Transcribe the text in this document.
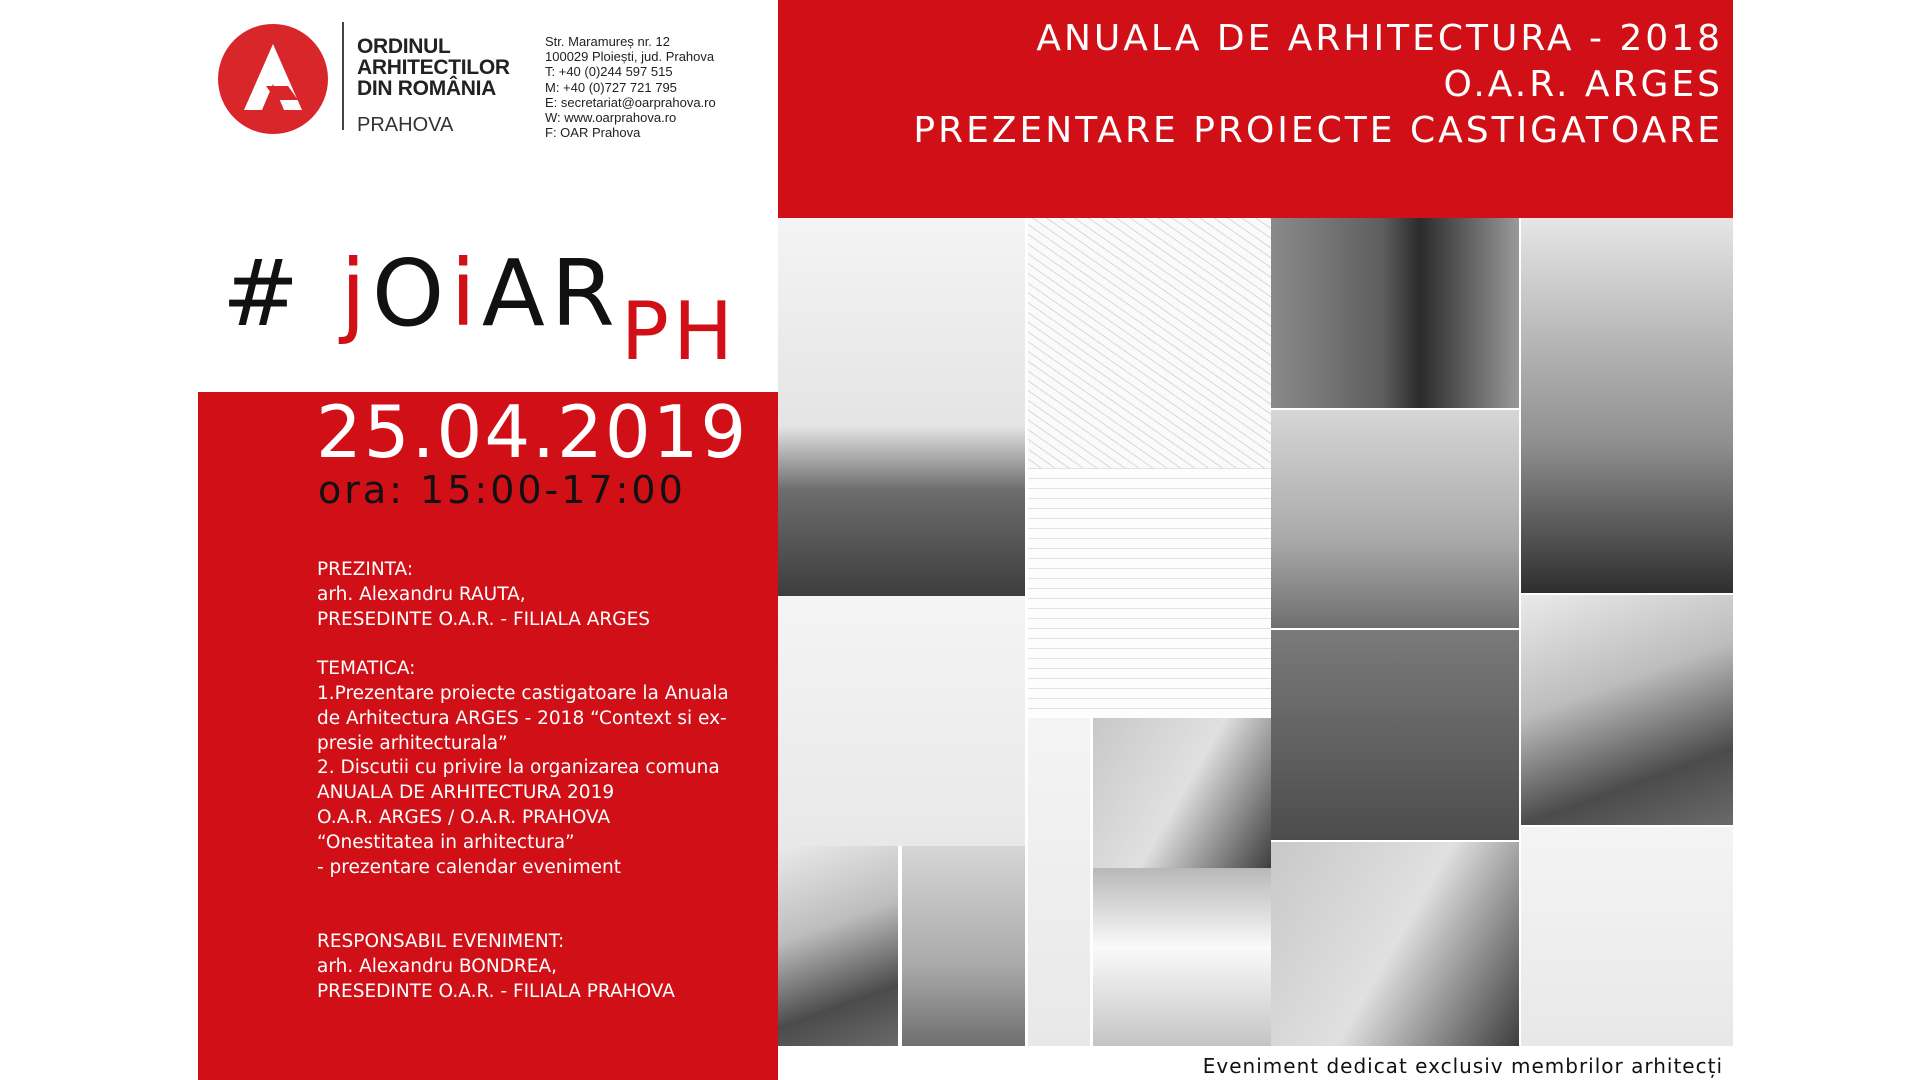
ORDINUL
ARHITECTILOR
DIN ROMÂNIA
PRAHOVA
Str. Maramureș nr. 12
100029 Ploiești, jud. Prahova
T: +40 (0)244 597 515
M: +40 (0)727 721 795
E: secretariat@oarprahova.ro
W: www.oarprahova.ro
F: OAR Prahova
ANUALA DE ARHITECTURA - 2018
O.A.R. ARGES
PREZENTARE PROIECTE CASTIGATOARE
# jOiARPH
25.04.2019
ora: 15:00-17:00
PREZINTA:
arh. Alexandru RAUTA,
PRESEDINTE O.A.R. - FILIALA ARGES
TEMATICA:
1.Prezentare proiecte castigatoare la Anuala
de Arhitectura ARGES - 2018 “Context si ex-
presie arhitecturala”
2. Discutii cu privire la organizarea comuna
ANUALA DE ARHITECTURA 2019
O.A.R. ARGES / O.A.R. PRAHOVA
“Onestitatea in arhitectura”
- prezentare calendar eveniment
RESPONSABIL EVENIMENT:
arh. Alexandru BONDREA,
PRESEDINTE O.A.R. - FILIALA PRAHOVA
Eveniment dedicat exclusiv membrilor arhitecți
